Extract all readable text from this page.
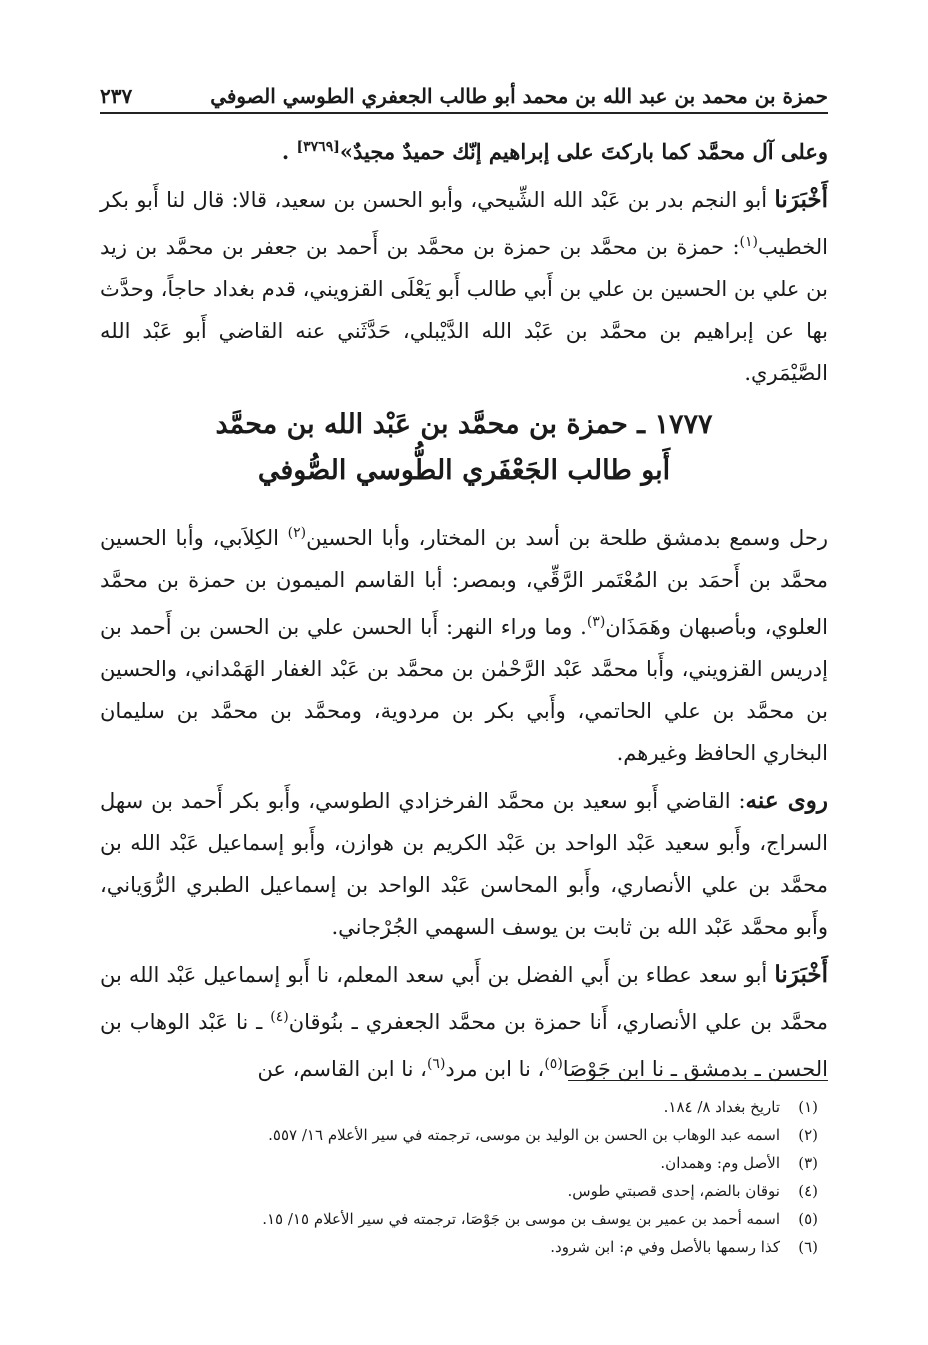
٢٣٧	حمزة بن محمد بن عبد الله بن محمد أبو طالب الجعفري الطوسي الصوفي

وعلى آل محمَّد كما باركتَ على إبراهيم إنّك حميدٌ مجيدٌ»[٣٧٦٩] .

أَخْبَرَنا أبو النجم بدر بن عَبْد الله الشِّيحي، وأبو الحسن بن سعيد، قالا: قال لنا أَبو بكر الخطيب$^{(١)}$: حمزة بن محمَّد بن حمزة بن محمَّد بن أَحمد بن جعفر بن محمَّد بن زيد بن علي بن الحسين بن علي بن أَبي طالب أَبو يَعْلَى القزويني، قدم بغداد حاجاً، وحدَّث بها عن إبراهيم بن محمَّد بن عَبْد الله الدَّيْبلي، حَدَّثَني عنه القاضي أَبو عَبْد الله الصَّيْمَري.

١٧٧٧ ـ حمزة بن محمَّد بن عَبْد الله بن محمَّد
أَبو طالب الجَعْفَري الطُّوسي الصُّوفي

رحل وسمع بدمشق طلحة بن أسد بن المختار، وأبا الحسين$^{(٢)}$ الكِلاَبي، وأبا الحسين محمَّد بن أَحمَد بن المُعْتَمر الرَّقِّي، وبمصر: أبا القاسم الميمون بن حمزة بن محمَّد العلوي، وبأصبهان وهَمَذَان$^{(٣)}$. وما وراء النهر: أَبا الحسن علي بن الحسن بن أَحمد بن إدريس القزويني، وأَبا محمَّد عَبْد الرَّحْمٰن بن محمَّد بن عَبْد الغفار الهَمْداني، والحسين بن محمَّد بن علي الحاتمي، وأَبي بكر بن مردوية، ومحمَّد بن محمَّد بن سليمان البخاري الحافظ وغيرهم.

روى عنه: القاضي أَبو سعيد بن محمَّد الفرخزادي الطوسي، وأَبو بكر أَحمد بن سهل السراج، وأَبو سعيد عَبْد الواحد بن عَبْد الكريم بن هوازن، وأَبو إسماعيل عَبْد الله بن محمَّد بن علي الأنصاري، وأَبو المحاسن عَبْد الواحد بن إسماعيل الطبري الرُّوَياني، وأَبو محمَّد عَبْد الله بن ثابت بن يوسف السهمي الجُرْجاني.

أَخْبَرَنا أبو سعد عطاء بن أَبي الفضل بن أَبي سعد المعلم، نا أَبو إسماعيل عَبْد الله بن محمَّد بن علي الأنصاري، أَنا حمزة بن محمَّد الجعفري ـ بنُوقان$^{(٤)}$ ـ نا عَبْد الوهاب بن الحسن ـ بدمشق ـ نا ابن جَوْصَا$^{(٥)}$، نا ابن مرد$^{(٦)}$، نا ابن القاسم، عن

(١)تاريخ بغداد ٨/ ١٨٤.
(٢)اسمه عبد الوهاب بن الحسن بن الوليد بن موسى، ترجمته في سير الأعلام ١٦/ ٥٥٧.
(٣)الأصل وم: وهمدان.
(٤)نوقان بالضم، إحدى قصبتي طوس.
(٥)اسمه أحمد بن عمير بن يوسف بن موسى بن جَوْصَا، ترجمته في سير الأعلام ١٥/ ١٥.
(٦)كذا رسمها بالأصل وفي م: ابن شرود.
